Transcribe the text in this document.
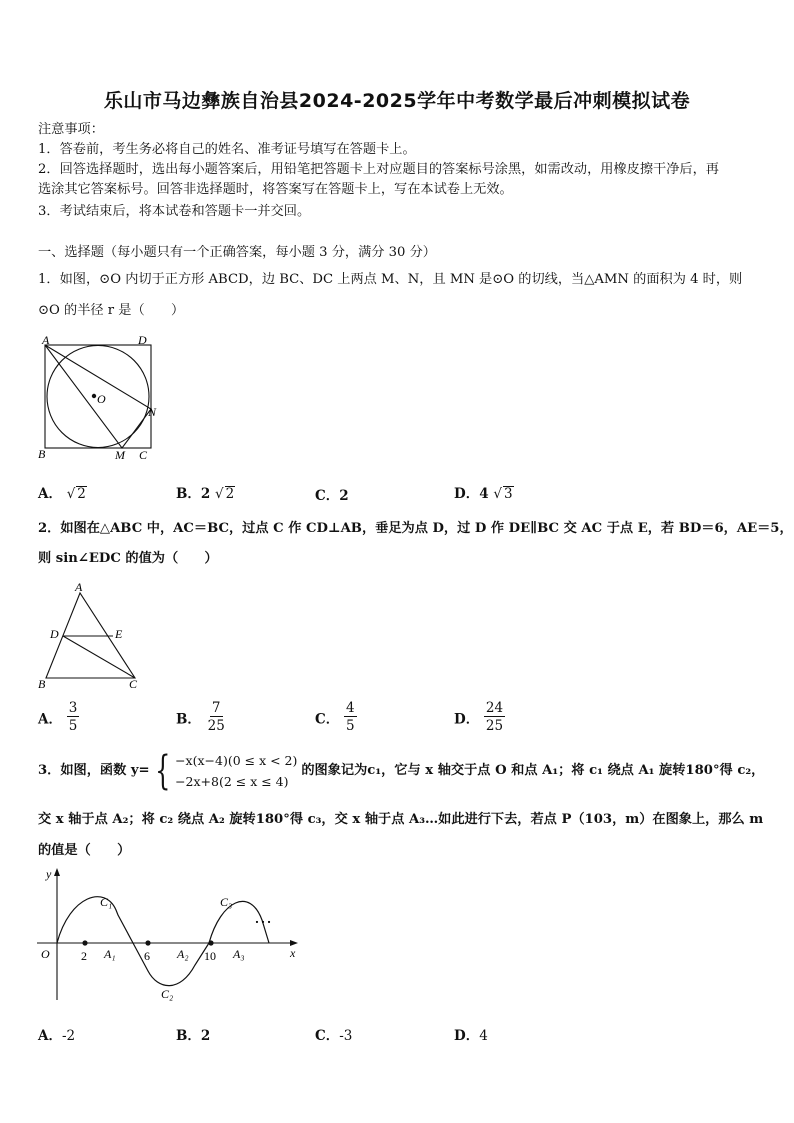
乐山市马边彝族自治县2024-2025学年中考数学最后冲刺模拟试卷
注意事项：
1．答卷前，考生务必将自己的姓名、准考证号填写在答题卡上。
2．回答选择题时，选出每小题答案后，用铅笔把答题卡上对应题目的答案标号涂黑，如需改动，用橡皮擦干净后，再
选涂其它答案标号。回答非选择题时，将答案写在答题卡上，写在本试卷上无效。
3．考试结束后，将本试卷和答题卡一并交回。
一、选择题（每小题只有一个正确答案，每小题 3 分，满分 30 分）
1．如图，⊙O 内切于正方形 ABCD，边 BC、DC 上两点 M、N，且 MN 是⊙O 的切线，当△AMN 的面积为 4 时，则
⊙O 的半径 r 是（　　）
A	D
O
N
B	M C
A． √ 2	B．2 √ 2	C．2	D．4 √ 3
2．如图在△ABC 中，AC＝BC，过点 C 作 CD⊥AB，垂足为点 D，过 D 作 DE∥BC 交 AC 于点 E，若 BD＝6，AE＝5，
则 sin∠EDC 的值为（　　）
A
D	E
B	C
A． $\frac{3}{5}$	B． $\frac{7}{25}$	C． $\frac{4}{5}$	D． $\frac{24}{25}$
3．如图，函数 y= { −x(x−4)(0 ≤ x < 2)
−2x+8(2 ≤ x ≤ 4)
的图象记为c₁，它与 x 轴交于点 O 和点 A₁；将 c₁ 绕点 A₁ 旋转180°得 c₂，
交 x 轴于点 A₂；将 c₂ 绕点 A₂ 旋转180°得 c₃，交 x 轴于点 A₃…如此进行下去，若点 P（103，m）在图象上，那么 m
的值是（　　）
y
x
O	2	6	10
A₁	A₂	A₃
C₁
C₂
C₃
…
A．-2	B．2	C．-3	D．4
